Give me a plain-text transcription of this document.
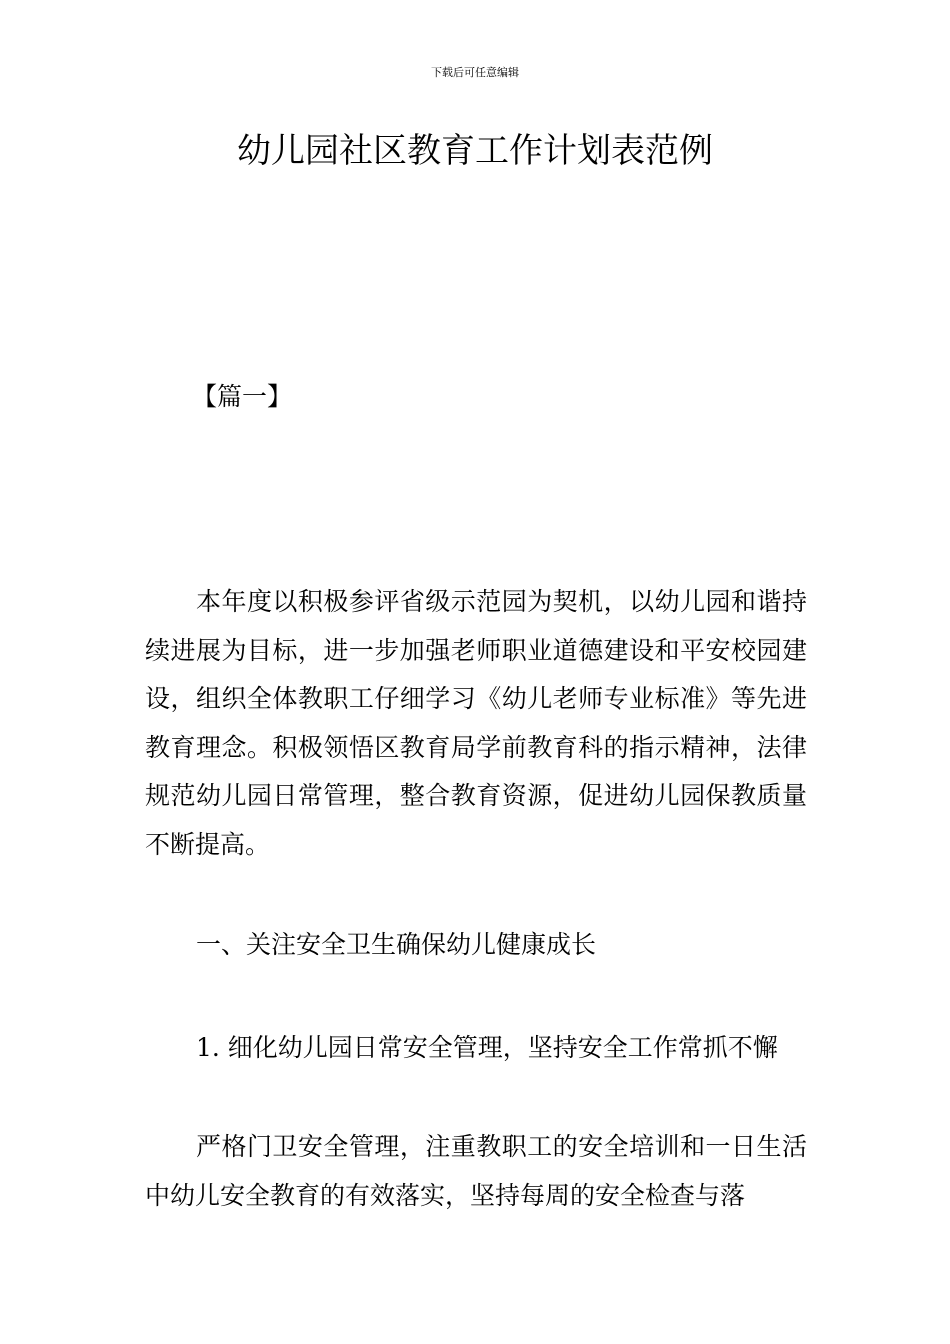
下载后可任意编辑
幼儿园社区教育工作计划表范例
【篇一】

本年度以积极参评省级示范园为契机，以幼儿园和谐持续进展为目标，进一步加强老师职业道德建设和平安校园建设，组织全体教职工仔细学习《幼儿老师专业标准》等先进教育理念。积极领悟区教育局学前教育科的指示精神，法律规范幼儿园日常管理，整合教育资源，促进幼儿园保教质量不断提高。

一、关注安全卫生确保幼儿健康成长
1. 细化幼儿园日常安全管理，坚持安全工作常抓不懈

严格门卫安全管理，注重教职工的安全培训和一日生活中幼儿安全教育的有效落实，坚持每周的安全检查与落
